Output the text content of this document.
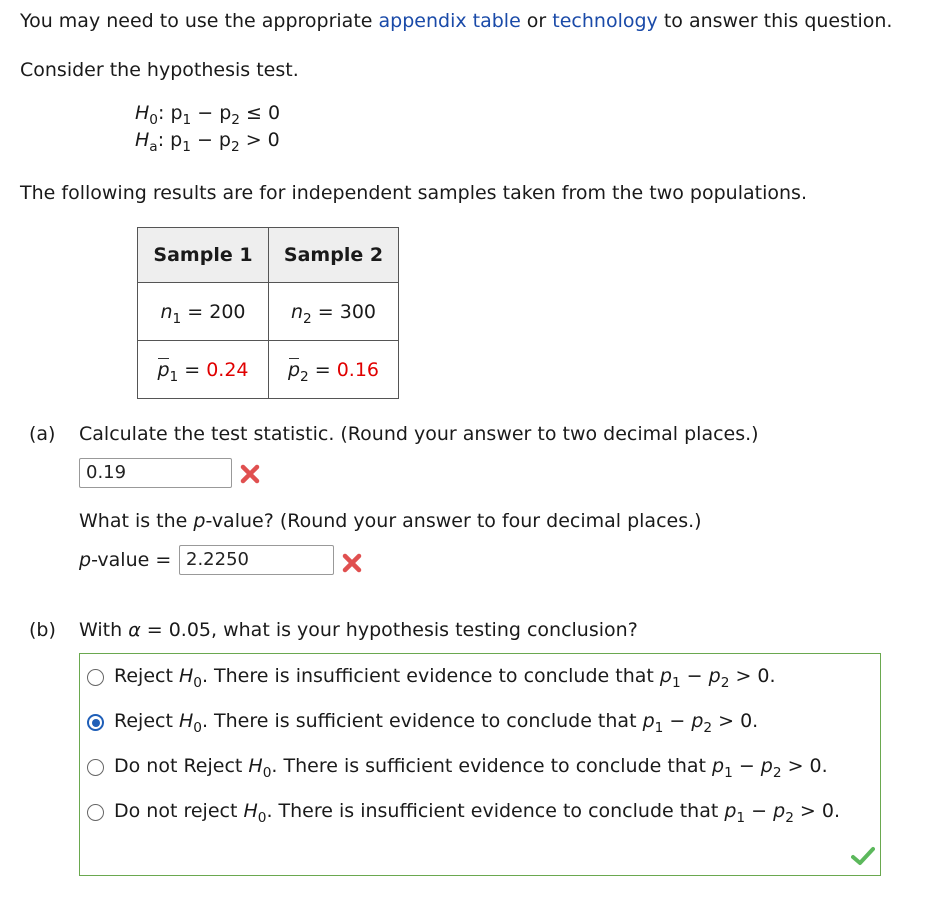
You may need to use the appropriate appendix table or technology to answer this question.
Consider the hypothesis test.
$H_0$: $p_1 - p_2 \le 0$
$H_a$: $p_1 - p_2 > 0$
The following results are for independent samples taken from the two populations.
Sample 1	Sample 2
$n_1 = 200$	$n_2 = 300$
$p_1 = 0.24$	$p_2 = 0.16$
(a) Calculate the test statistic. (Round your answer to two decimal places.)
0.19
What is the p-value? (Round your answer to four decimal places.)
p-value = 2.2250
(b) With α = 0.05, what is your hypothesis testing conclusion?
Reject $H_0$. There is insufficient evidence to conclude that $p_1 - p_2 > 0$.
Reject $H_0$. There is sufficient evidence to conclude that $p_1 - p_2 > 0$.
Do not Reject $H_0$. There is sufficient evidence to conclude that $p_1 - p_2 > 0$.
Do not reject $H_0$. There is insufficient evidence to conclude that $p_1 - p_2 > 0$.
